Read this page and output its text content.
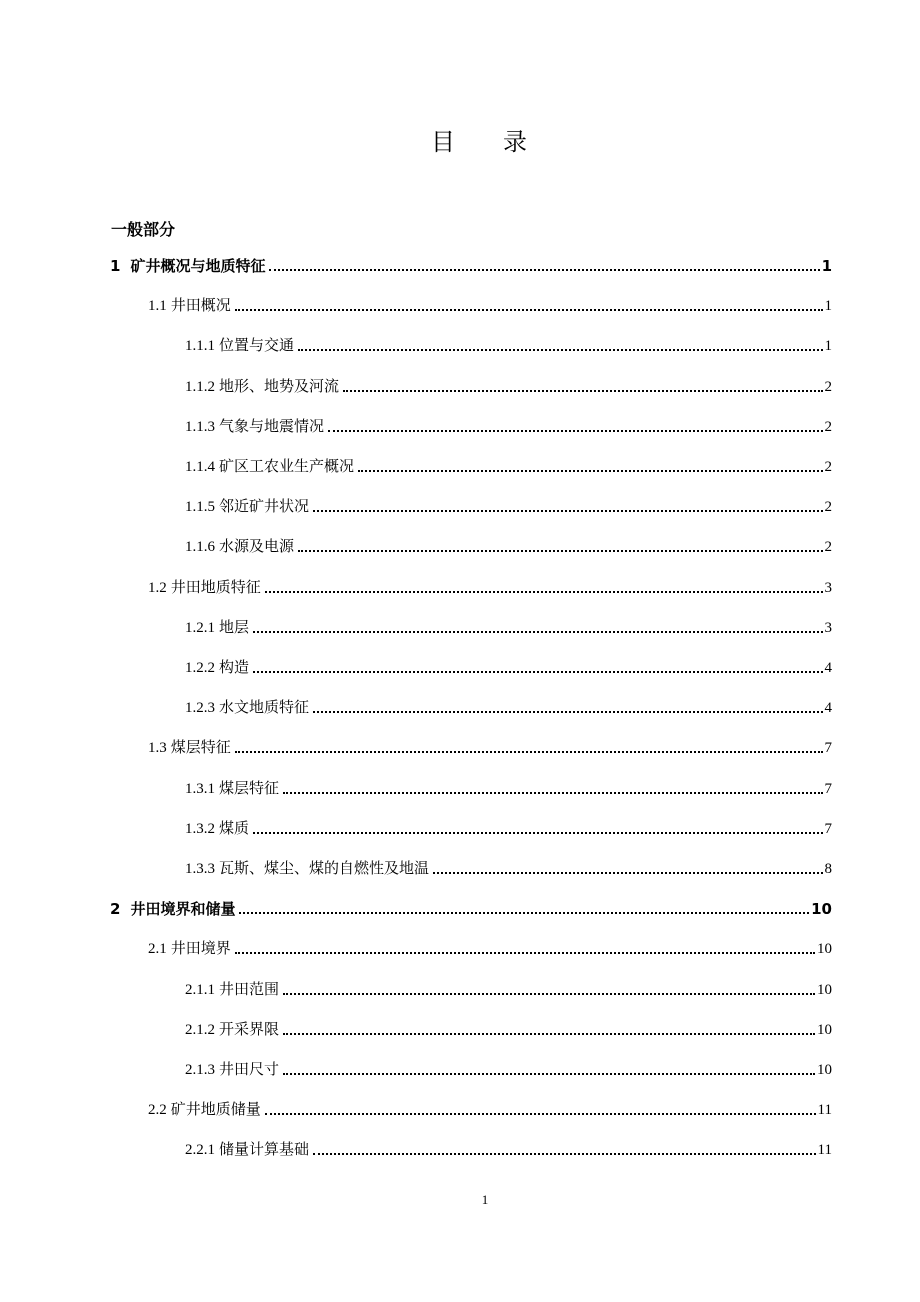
目录
一般部分
1 矿井概况与地质特征	1
1.1 井田概况	1
1.1.1 位置与交通	1
1.1.2 地形、地势及河流	2
1.1.3 气象与地震情况	2
1.1.4 矿区工农业生产概况	2
1.1.5 邻近矿井状况	2
1.1.6 水源及电源	2
1.2 井田地质特征	3
1.2.1 地层	3
1.2.2 构造	4
1.2.3 水文地质特征	4
1.3 煤层特征	7
1.3.1 煤层特征	7
1.3.2 煤质	7
1.3.3 瓦斯、煤尘、煤的自燃性及地温	8
2 井田境界和储量	10
2.1 井田境界	10
2.1.1 井田范围	10
2.1.2 开采界限	10
2.1.3 井田尺寸	10
2.2 矿井地质储量	11
2.2.1 储量计算基础	11
1
